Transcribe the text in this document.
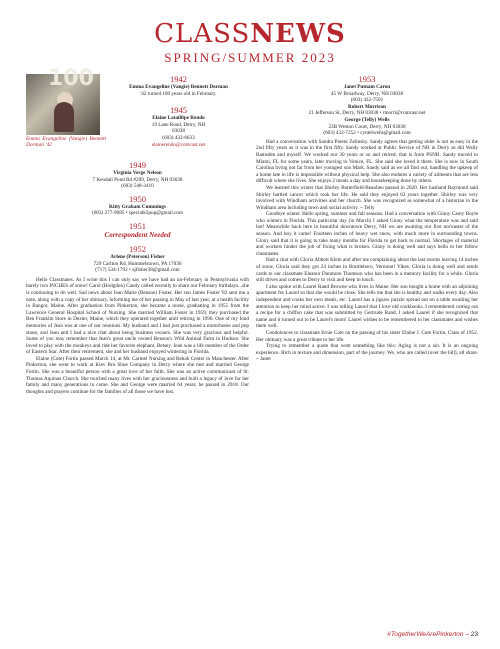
CLASSNEWS
SPRING/SUMMER 2023
100
Emma Evangeline (Vangie) Bennett Dorman '42
1942
Emma Evangeline (Vangie) Bennett Dorman
'42 turned 100 years old in February.
1945
Elaine Lataillipe Rendo
19 Lane Road, Derry, NH
03038
(603) 432-6633
elainerendo@comcast.net
1949
Virginia Verge Nelson
7 Kendall Pond Rd #209, Derry, NH 03038
(603) 548-2410
1950
Kitty Graham Cummings
(603) 277-9085 • specialk5pup@gmail.com
1951
Correspondent Needed
1952
Arlene (Peterson) Fisher
729 Carlton Rd, Hummelstown, PA 17036
(717) 534-1792 • ajfisher38@gmail.com

Hello Classmates. As I write this I can only say we have had an un-February in Pennsylvania with barely two INCHES of snow! Carol (Hodgdon) Candy called recently to share our February birthdays...she is continuing to do well. Sad news about Jean Marie (Benson) Foster. Her son James Foster '82 sent me a note, along with a copy of her obituary, informing me of her passing in May of last year, at a health facility in Bangor, Maine. After graduation from Pinkerton, she became a nurse, graduating in 1955 from the Lawrence General Hospital School of Nursing. She married William Foster in 1959; they purchased the Ben Franklin Store in Dexter, Maine, which they operated together until retiring in 1990. One of my fond memories of Jean was at one of our reunions. My husband and I had just purchased a motorhome and pop stone, and Jean and I had a nice chat about being business owners. She was very gracious and helpful. Some of you may remember that Jean's great uncle owned Benson's Wild Animal Farm in Hudson. She loved to play with the monkeys and ride her favorite elephant, Betsey. Jean was a life member of the Order of Eastern Star. After their retirement, she and her husband enjoyed wintering in Florida.

Elaine (Cote) Fortin passed March 14, at Mt. Carmel Nursing and Rehab Center in Manchester. After Pinkerton, she went to work at Kiev Bro Shoe Company in Derry where she met and married George Fortin. She was a beautiful person with a great love of her faith. She was an active communicant of St. Thomas Aquinas Church. She touched many lives with her graciousness and built a legacy of love for her family and many generations to come. She and George were married 64 years; he passed in 2018. Our thoughts and prayers continue for the families of all those we have lost.

1953
Janet Putnam Caron
45 W Broadway, Derry, NH 03038
(603) 432-7501
Robert Morrison
21 Jefferson St, Derry, NH 03038 • rmorri@comcast.net
George (Telly) Wells
23B Weston Court, Derry, NH 03038
(603) 432-7252 • cyntelwells@gmail.com

Had a conversation with Sandra Parent Zelinsky. Sandy agrees that getting older is not as easy in the 2nd fifty years as it was in the first fifty. Sandy worked at Public Service of NH in Derry as did Wally Ramsden and myself. We worked our 30 years or so and retired; that is from PSNH. Sandy moved to Miami, FL for some years, later moving to Venice, FL. She said she loved it there. She is now in South Carolina living not far from her youngest son Mark. Sandy said as we all find out, handling the upkeep of a home late in life is impossible without physical help. She also endures a variety of ailments that are less difficult where she lives. She enjoys 2 meals a day and housekeeping done by others.

We learned this winter that Shirley Butterfield-Beaulieu passed in 2020. Her husband Raymond said Shirley battled cancer which took her life. He said they enjoyed 63 years together. Shirley was very involved with Windham activities and her church. She was recognized as somewhat of a historian in the Windham area including town and social activity. ~ Telly

Goodbye winter. Hello spring, summer and fall seasons. Had a conversation with Ginny Carey Boyle who winters in Florida. This particular day (in March) I asked Ginny what the temperature was and said hot! Meanwhile back here in beautiful downtown Derry, NH we are awaiting our first nor'easter of the season. And boy it came! Fourteen inches of heavy wet snow, with much more in surrounding towns. Ginny said that it is going to take many months for Florida to get back to normal. Shortages of material and workers hinder the job of fixing what is broken. Ginny is doing well and says hello to her fellow classmates.

Had a chat with Gloria Abbott Klein and after me complaining about the last storms leaving 14 inches of snow, Gloria said they got 24 inches in Brattleboro, Vermont! Yikes. Gloria is doing well and sends cards to our classmate Eleanor Dunmore Thomson who has been in a memory facility for a while. Gloria still drives and comes to Derry to visit and keep in touch.

I also spoke with Laurel Rand Browne who lives in Maine. Her son bought a home with an adjoining apartment for Laurel so that she would be close. She tells me that she is healthy and walks every day. Also independent and cooks her own meals, etc. Laurel has a jigsaw puzzle spread out on a table awaiting her attention to keep her mind active. I was telling Laurel that I love old cookbooks. I remembered cutting out a recipe for a chiffon cake that was submitted by Gertrude Rand. I asked Laurel if she recognized that name and it turned out to be Laurel's mom! Laurel wishes to be remembered to her classmates and wishes them well.

Condolences to classmate Ernie Cote on the passing of his sister Elaine J. Cote Fortin, Class of 1952. Her obituary was a great tribute to her life.

Trying to remember a quote that went something like this: Aging is not a sin. It is an ongoing experience. Rich in texture and dimension, part of the journey. We, who are called (over the hill), all share. ~ Janet

#TogetherWeArePinkerton – 23
